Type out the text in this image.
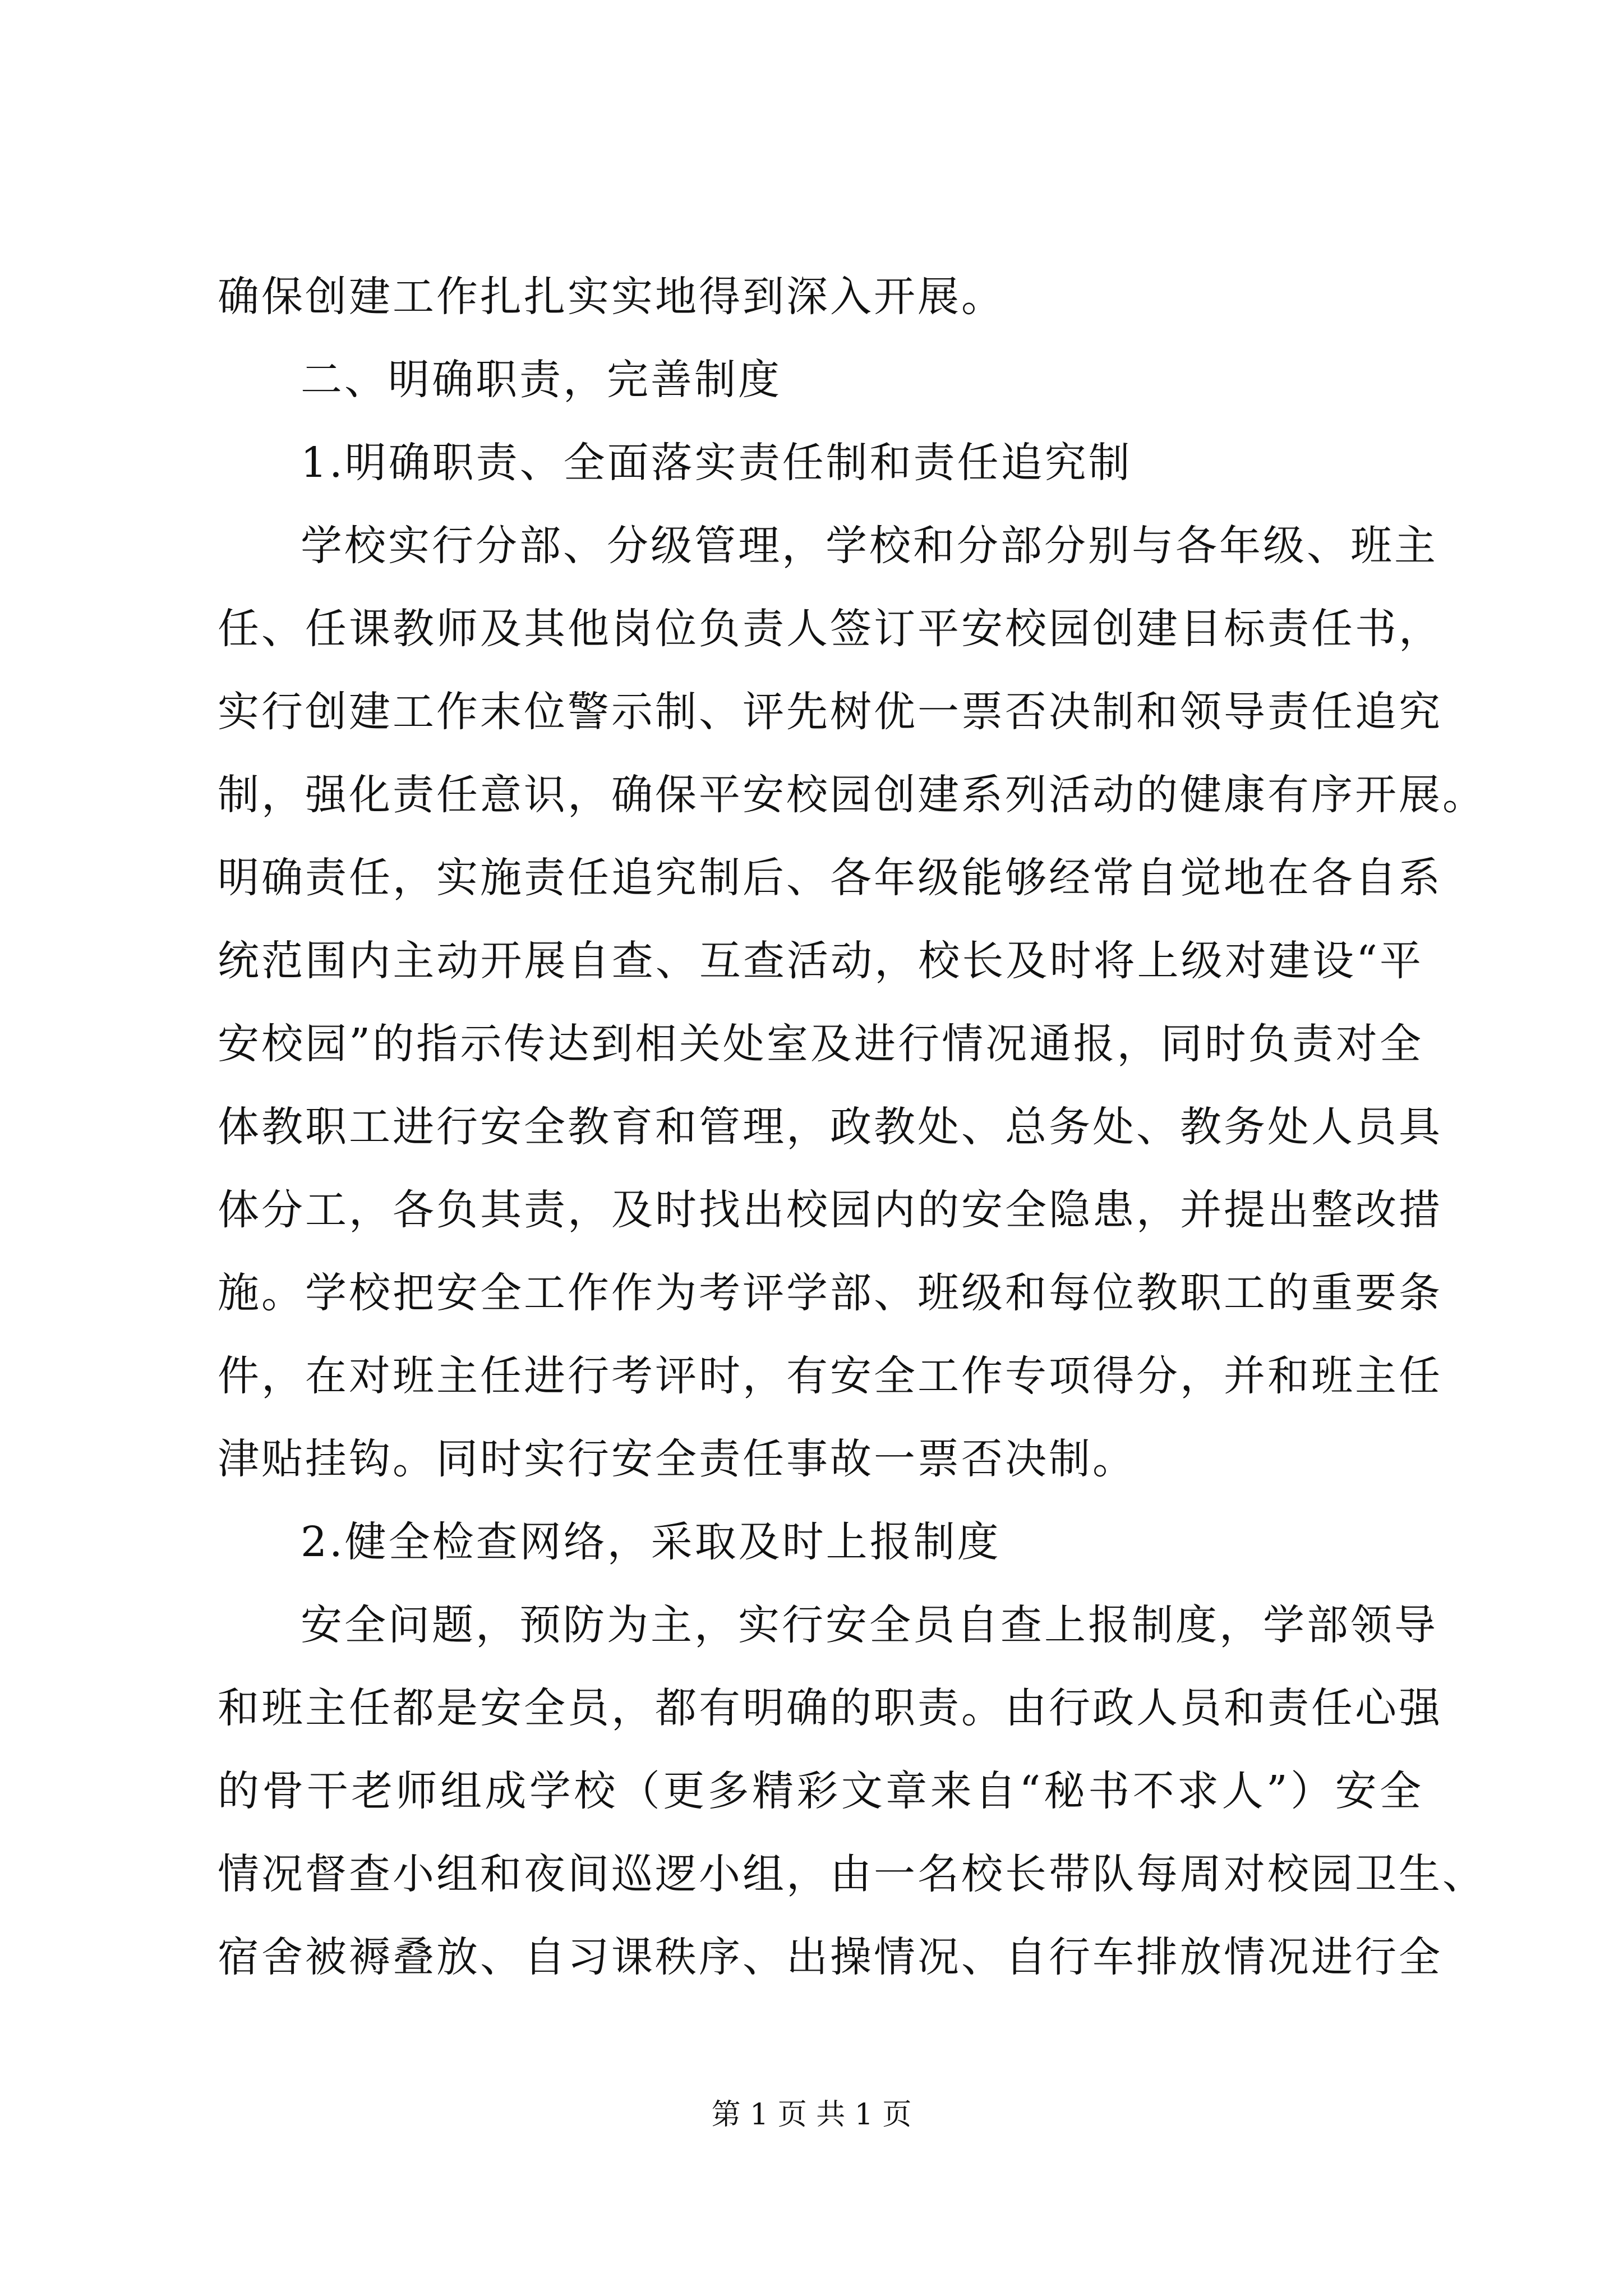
确保创建工作扎扎实实地得到深入开展。
二、明确职责，完善制度
1.明确职责、全面落实责任制和责任追究制
学校实行分部、分级管理，学校和分部分别与各年级、班主
任、任课教师及其他岗位负责人签订平安校园创建目标责任书，
实行创建工作末位警示制、评先树优一票否决制和领导责任追究
制，强化责任意识，确保平安校园创建系列活动的健康有序开展。
明确责任，实施责任追究制后、各年级能够经常自觉地在各自系
统范围内主动开展自查、互查活动，校长及时将上级对建设“平
安校园”的指示传达到相关处室及进行情况通报，同时负责对全
体教职工进行安全教育和管理，政教处、总务处、教务处人员具
体分工，各负其责，及时找出校园内的安全隐患，并提出整改措
施。学校把安全工作作为考评学部、班级和每位教职工的重要条
件，在对班主任进行考评时，有安全工作专项得分，并和班主任
津贴挂钩。同时实行安全责任事故一票否决制。
2.健全检查网络，采取及时上报制度
安全问题，预防为主，实行安全员自查上报制度，学部领导
和班主任都是安全员，都有明确的职责。由行政人员和责任心强
的骨干老师组成学校（更多精彩文章来自“秘书不求人”）安全
情况督查小组和夜间巡逻小组，由一名校长带队每周对校园卫生、
宿舍被褥叠放、自习课秩序、出操情况、自行车排放情况进行全
第 1 页 共 1 页
